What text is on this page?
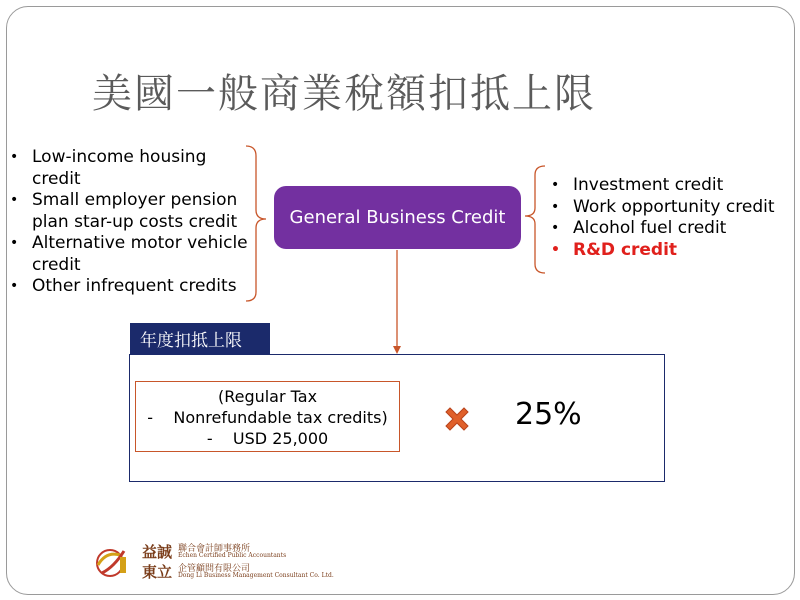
美國一般商業稅額扣抵上限
• Low-income housing credit
• Small employer pension plan star-up costs credit
• Alternative motor vehicle credit
• Other infrequent credits
General Business Credit
• Investment credit
• Work opportunity credit
• Alcohol fuel credit
• R&D credit
年度扣抵上限
(Regular Tax
-    Nonrefundable tax credits)
-    USD 25,000
25%
益誠
東立
聯合會計師事務所
Echen Certified Public Accountants
企管顧問有限公司
Dong Li Business Management Consultant Co. Ltd.
